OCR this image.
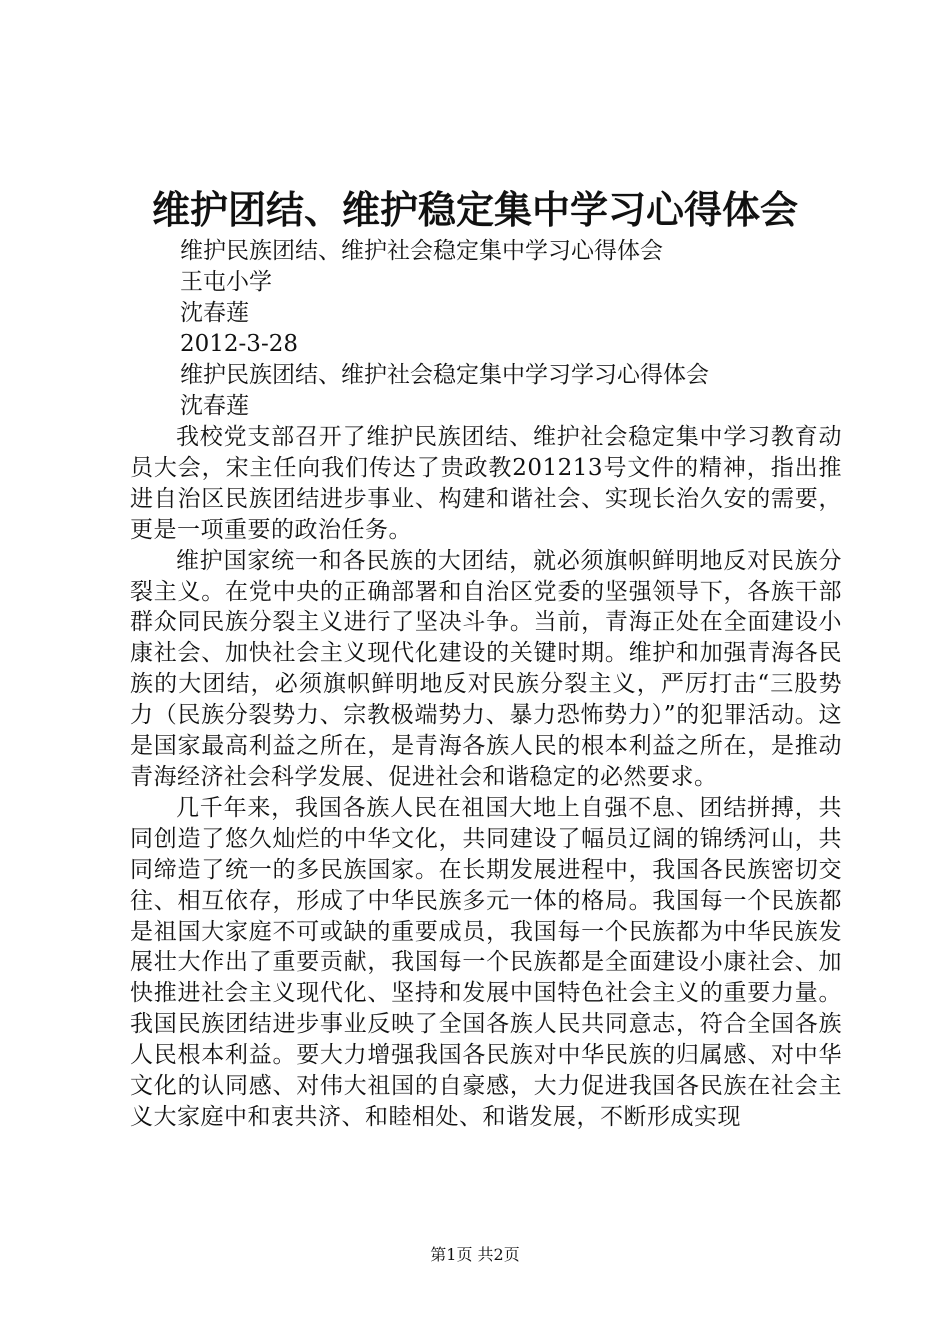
维护团结、维护稳定集中学习心得体会

维护民族团结、维护社会稳定集中学习心得体会

王屯小学

沈春莲

2012-3-28

维护民族团结、维护社会稳定集中学习学习心得体会

沈春莲

我校党支部召开了维护民族团结、维护社会稳定集中学习教育动员大会，宋主任向我们传达了贵政教201213号文件的精神，指出推进自治区民族团结进步事业、构建和谐社会、实现长治久安的需要，更是一项重要的政治任务。

维护国家统一和各民族的大团结，就必须旗帜鲜明地反对民族分裂主义。在党中央的正确部署和自治区党委的坚强领导下，各族干部群众同民族分裂主义进行了坚决斗争。当前，青海正处在全面建设小康社会、加快社会主义现代化建设的关键时期。维护和加强青海各民族的大团结，必须旗帜鲜明地反对民族分裂主义，严厉打击“三股势力（民族分裂势力、宗教极端势力、暴力恐怖势力）”的犯罪活动。这是国家最高利益之所在，是青海各族人民的根本利益之所在，是推动青海经济社会科学发展、促进社会和谐稳定的必然要求。

几千年来，我国各族人民在祖国大地上自强不息、团结拼搏，共同创造了悠久灿烂的中华文化，共同建设了幅员辽阔的锦绣河山，共同缔造了统一的多民族国家。在长期发展进程中，我国各民族密切交往、相互依存，形成了中华民族多元一体的格局。我国每一个民族都是祖国大家庭不可或缺的重要成员，我国每一个民族都为中华民族发展壮大作出了重要贡献，我国每一个民族都是全面建设小康社会、加快推进社会主义现代化、坚持和发展中国特色社会主义的重要力量。我国民族团结进步事业反映了全国各族人民共同意志，符合全国各族人民根本利益。要大力增强我国各民族对中华民族的归属感、对中华文化的认同感、对伟大祖国的自豪感，大力促进我国各民族在社会主义大家庭中和衷共济、和睦相处、和谐发展，不断形成实现

第1页 共2页
